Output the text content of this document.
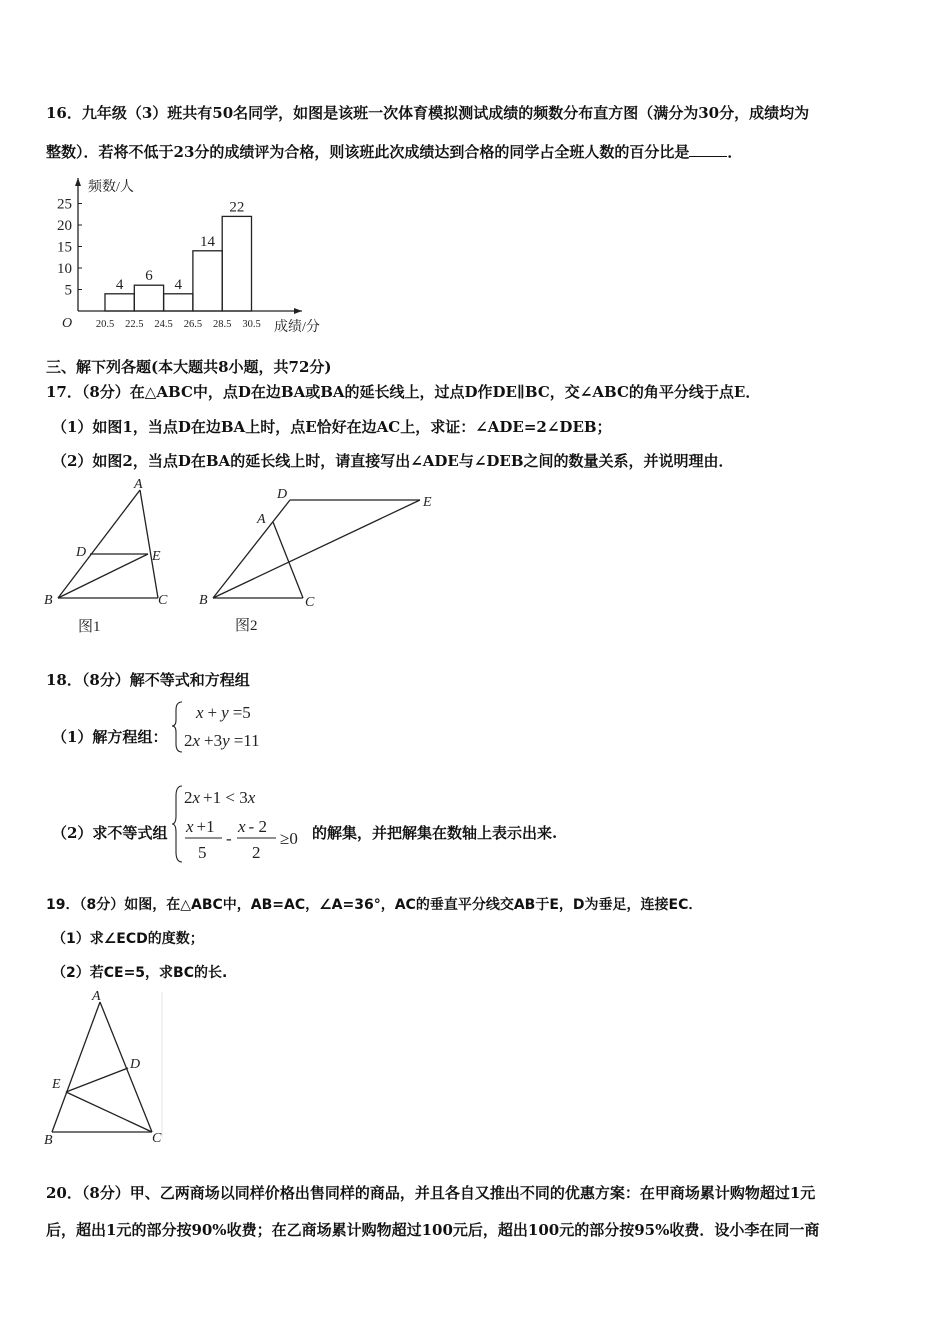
16．九年级（3）班共有50名同学，如图是该班一次体育模拟测试成绩的频数分布直方图（满分为30分，成绩均为
整数）．若将不低于23分的成绩评为合格，则该班此次成绩达到合格的同学占全班人数的百分比是	．
5
10
15
20
25
4
6
4
14
22
20.5 22.5 24.5 26.5 28.5 30.5
频数/人
成绩/分
O
三、解下列各题(本大题共8小题，共72分)
17．（8分）在△ABC中，点D在边BA或BA的延长线上，过点D作DE∥BC，交∠ABC的角平分线于点E．
（1）如图1，当点D在边BA上时，点E恰好在边AC上，求证：∠ADE=2∠DEB；
（2）如图2，当点D在BA的延长线上时，请直接写出∠ADE与∠DEB之间的数量关系，并说明理由．
A
B	C
D	E
图1
D
A
E
B	C
图2
18．（8分）解不等式和方程组
（1）解方程组：
x + y =5
2x +3y =11
（2）求不等式组
2x +1 < 3x
x +1
5
-
x - 2
2
≥0 的解集，并把解集在数轴上表示出来.
19．（8分）如图，在△ABC中，AB=AC，∠A=36°，AC的垂直平分线交AB于E，D为垂足，连接EC．
（1）求∠ECD的度数；
（2）若CE=5，求BC的长.
A
D
E
B	C
20．（8分）甲、乙两商场以同样价格出售同样的商品，并且各自又推出不同的优惠方案：在甲商场累计购物超过1元
后，超出1元的部分按90%收费；在乙商场累计购物超过100元后，超出100元的部分按95%收费．设小李在同一商
